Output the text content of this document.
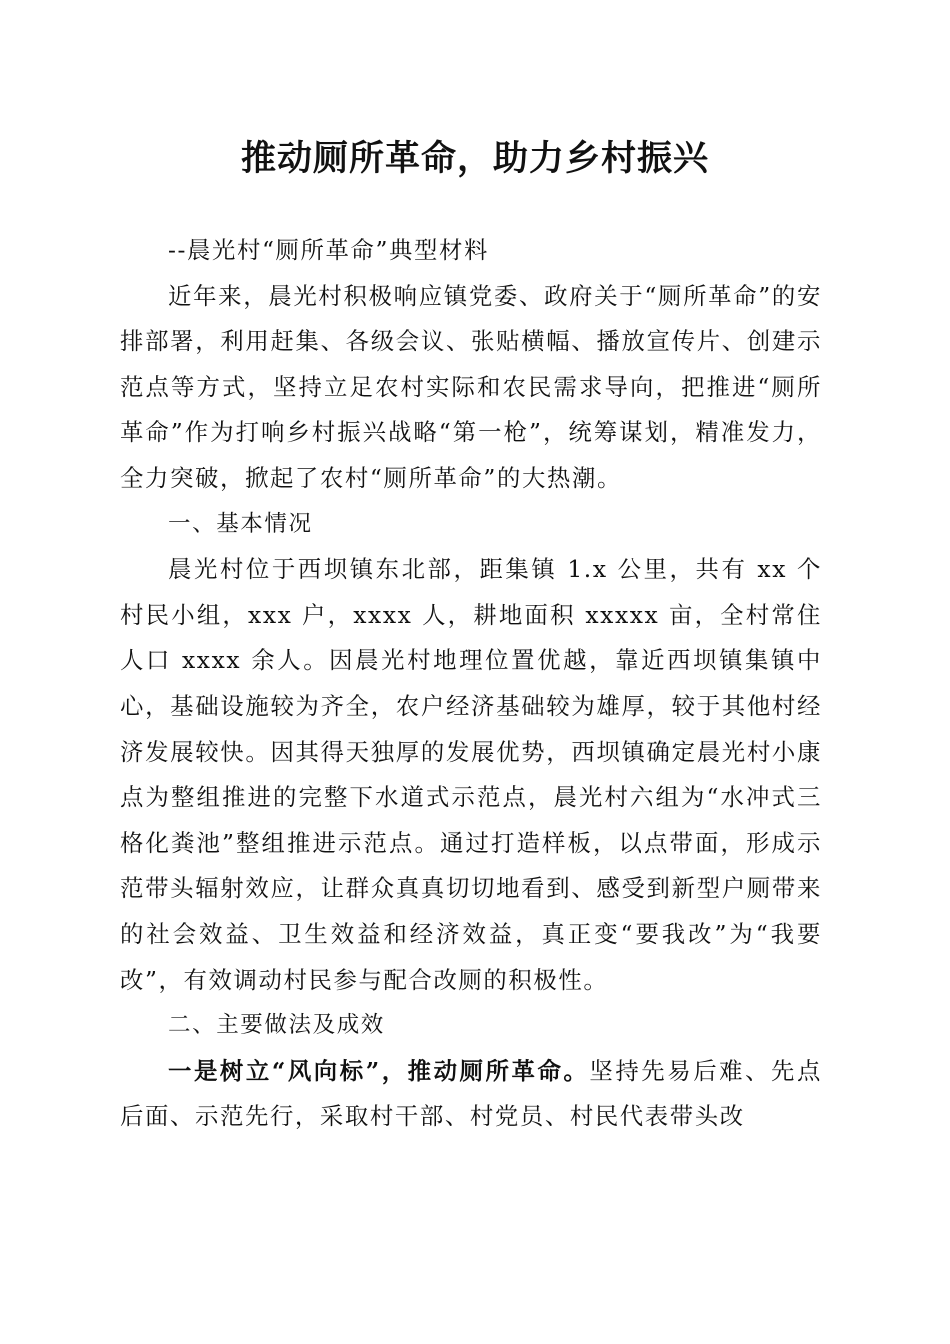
推动厕所革命，助力乡村振兴

--晨光村“厕所革命”典型材料

近年来，晨光村积极响应镇党委、政府关于“厕所革命”的安排部署，利用赶集、各级会议、张贴横幅、播放宣传片、创建示范点等方式，坚持立足农村实际和农民需求导向，把推进“厕所革命”作为打响乡村振兴战略“第一枪”，统筹谋划，精准发力，全力突破，掀起了农村“厕所革命”的大热潮。

一、基本情况

晨光村位于西坝镇东北部，距集镇 1.x 公里，共有 xx 个村民小组，xxx 户，xxxx 人，耕地面积 xxxxx 亩，全村常住人口 xxxx 余人。因晨光村地理位置优越，靠近西坝镇集镇中心，基础设施较为齐全，农户经济基础较为雄厚，较于其他村经济发展较快。因其得天独厚的发展优势，西坝镇确定晨光村小康点为整组推进的完整下水道式示范点，晨光村六组为“水冲式三格化粪池”整组推进示范点。通过打造样板，以点带面，形成示范带头辐射效应，让群众真真切切地看到、感受到新型户厕带来的社会效益、卫生效益和经济效益，真正变“要我改”为“我要改”，有效调动村民参与配合改厕的积极性。

二、主要做法及成效

一是树立“风向标”，推动厕所革命。坚持先易后难、先点后面、示范先行，采取村干部、村党员、村民代表带头改
